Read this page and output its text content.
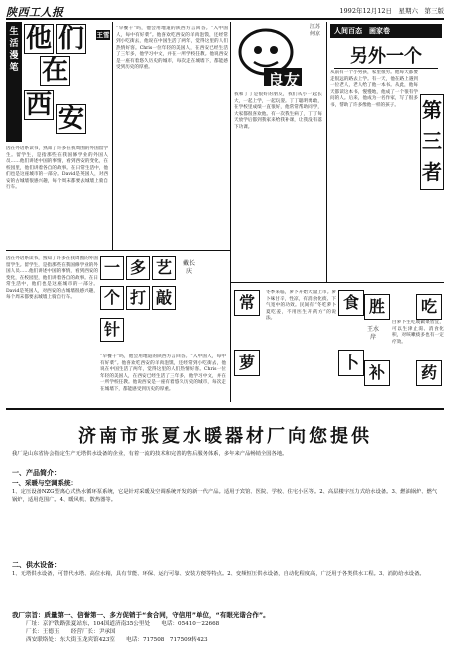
陕西工人报	1992年12月12日　星期六　第三版
生活漫笔
他 们
在
西 安
王雪
因在外语系读书，熟知了许多在我周围的外国留学生。留学生，是指那些在我国修学业的外国人员……他们讲述中国的事情，看到西安的变化，在校园里，他们讲着各自的故事。在日常生活中，他们也是这座城市的一部分。David是英国人，对西安的古城墙很感兴趣，每个周末都要去城墙上骑自行车。
“早餐干”吗，他会用地道的陕西方言回答。“入中国人，每中有好菜”。他喜欢吃西安的羊肉泡馍，还经常到小吃街去，他说在中国生活了两年，觉得这里的人们热情好客。Chris一位年轻的美国人，在西安已经生活了三年多，他学习中文，并在一所学校任教。他说西安是一座有着悠久历史的城市，每次走在城墙下，都能感受到历史的厚重。
良友
江苏　何京
我和丁丁是很好的朋友，我们从小一起长大，一起上学，一起玩耍。丁丁聪明勇敢，在学校里成绩一直很好，他常常帮助同学，大家都很喜欢他。有一次我生病了，丁丁每天放学后都到我家来给我补课，让我没有落下功课。
人间百态　画家卷
另外一个
从前有一个小男孩，家里很穷。他每天都要走很远的路去上学。有一天，他在路上遇到一位老人，老人给了他一本书。从此，他每天都读这本书，慢慢地，他成了一个很有学问的人。后来，他成为一名作家，写了很多书，帮助了许多像他一样的孩子。	第三者
因在外语系读书，熟知了许多在我周围的外国留学生。留学生，是指那些在我国修学业的外国人员……他们讲述中国的事情，看到西安的变化，在校园里，他们讲着各自的故事。在日常生活中，他们也是这座城市的一部分。David是英国人，对西安的古城墙很感兴趣，每个周末都要去城墙上骑自行车。
一 多 艺
个 打 敲
针
戴长庆
“早餐干”吗，他会用地道的陕西方言回答。“入中国人，每中有好菜”。他喜欢吃西安的羊肉泡馍，还经常到小吃街去，他说在中国生活了两年，觉得这里的人们热情好客。Chris一位年轻的美国人，在西安已经生活了三年多，他学习中文，并在一所学校任教。他说西安是一座有着悠久历史的城市，每次走在城墙下，都能感受到历史的厚重。
常
萝
冬季来临，萝卜开始大量上市。萝卜味甘辛，性凉，有消食化痰、下气宽中的功效。民间有“冬吃萝卜夏吃姜，不用医生开药方”的说法。
食
卜
胜	吃
补	药
白萝卜生吃或做菜皆宜，可以生津止渴、消食化积，对咳嗽痰多也有一定疗效。
王水岸
济南市张夏水暖器材厂向您提供
我厂是山东省协会指定生产无塔供水设备的企业，有着一流的技术和完善的售后服务体系，多年来产品畅销全国各地。
一、产品简介：
一、采暖与空调系统：
1、定压设备NZG型离心式热水循环泵系统，它是针对采暖及空调系统开发的新一代产品。适用于宾馆、医院、学校、住宅小区等。2、高层楼宇压力式给水设备。3、燃油锅炉、燃气锅炉，适用范围广。4、暖风机、散热器等。
二、供水设备：
1、无塔供水设备，可替代水塔、高位水箱，具有节能、环保、运行可靠、安装方便等特点。2、变频恒压供水设备，自动化程度高，广泛用于各类供水工程。3、消防给水设备。
我厂宗旨：质量第一、信誉第一、多方促销于“食合同，守信用”单位，“有眼光谐合作”。
厂址：京沪铁路张夏站东，104国道济南35公里处　　电话：05410－22668
厂长：王德玉　　经营厂长：尹承国
西安联络处：东大街玉龙宾馆423室　　电话：717508　717509转423
